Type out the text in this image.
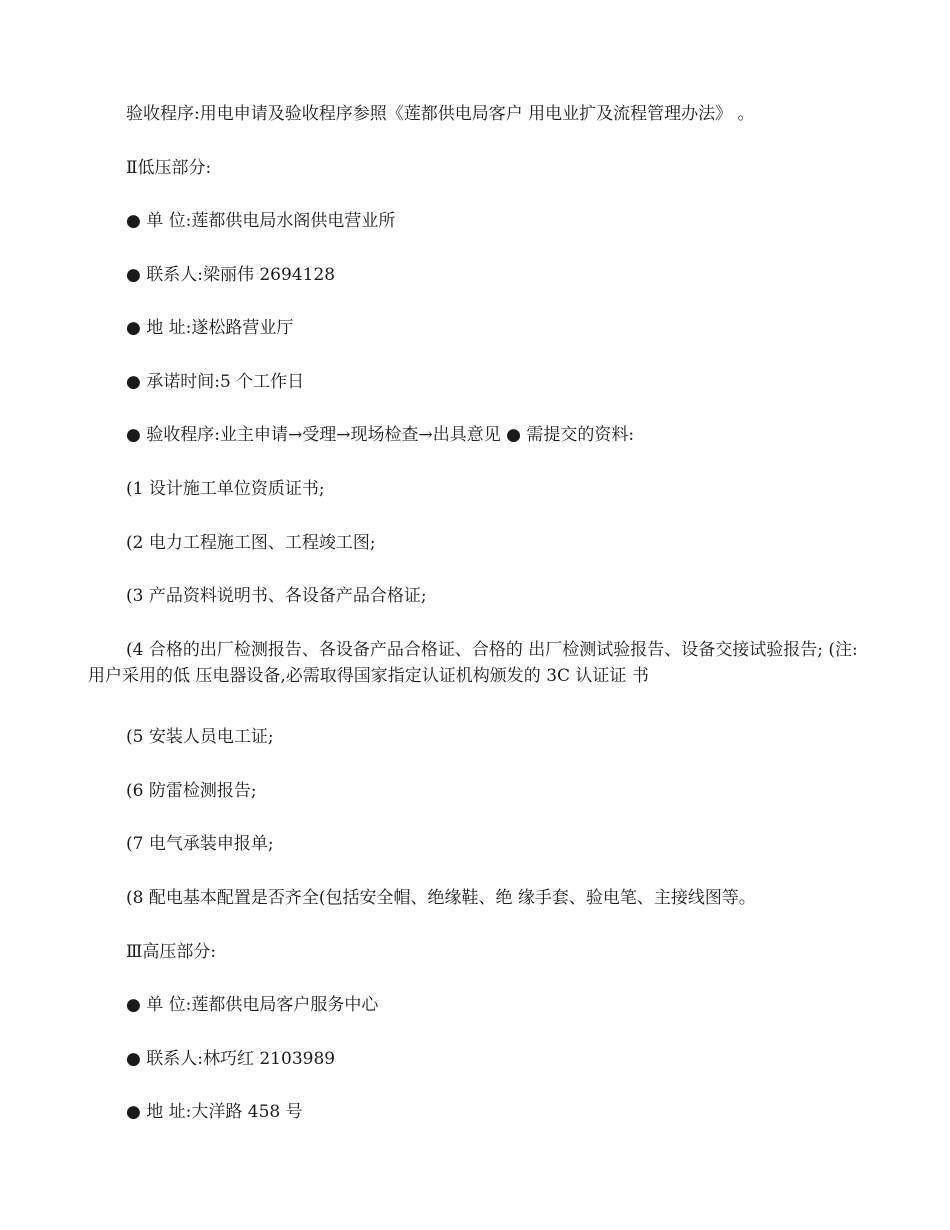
验收程序:用电申请及验收程序参照《莲都供电局客户 用电业扩及流程管理办法》 。

Ⅱ低压部分:

● 单 位:莲都供电局水阁供电营业所

● 联系人:梁丽伟 2694128

● 地 址:遂松路营业厅

● 承诺时间:5 个工作日

● 验收程序:业主申请→受理→现场检查→出具意见 ● 需提交的资料:

(1 设计施工单位资质证书;

(2 电力工程施工图、工程竣工图;

(3 产品资料说明书、各设备产品合格证;

(4 合格的出厂检测报告、各设备产品合格证、合格的 出厂检测试验报告、设备交接试验报告; (注:用户采用的低 压电器设备,必需取得国家指定认证机构颁发的 3C 认证证 书

(5 安装人员电工证;

(6 防雷检测报告;

(7 电气承装申报单;

(8 配电基本配置是否齐全(包括安全帽、绝缘鞋、绝 缘手套、验电笔、主接线图等。

Ⅲ高压部分:

● 单 位:莲都供电局客户服务中心

● 联系人:林巧红 2103989

● 地 址:大洋路 458 号
